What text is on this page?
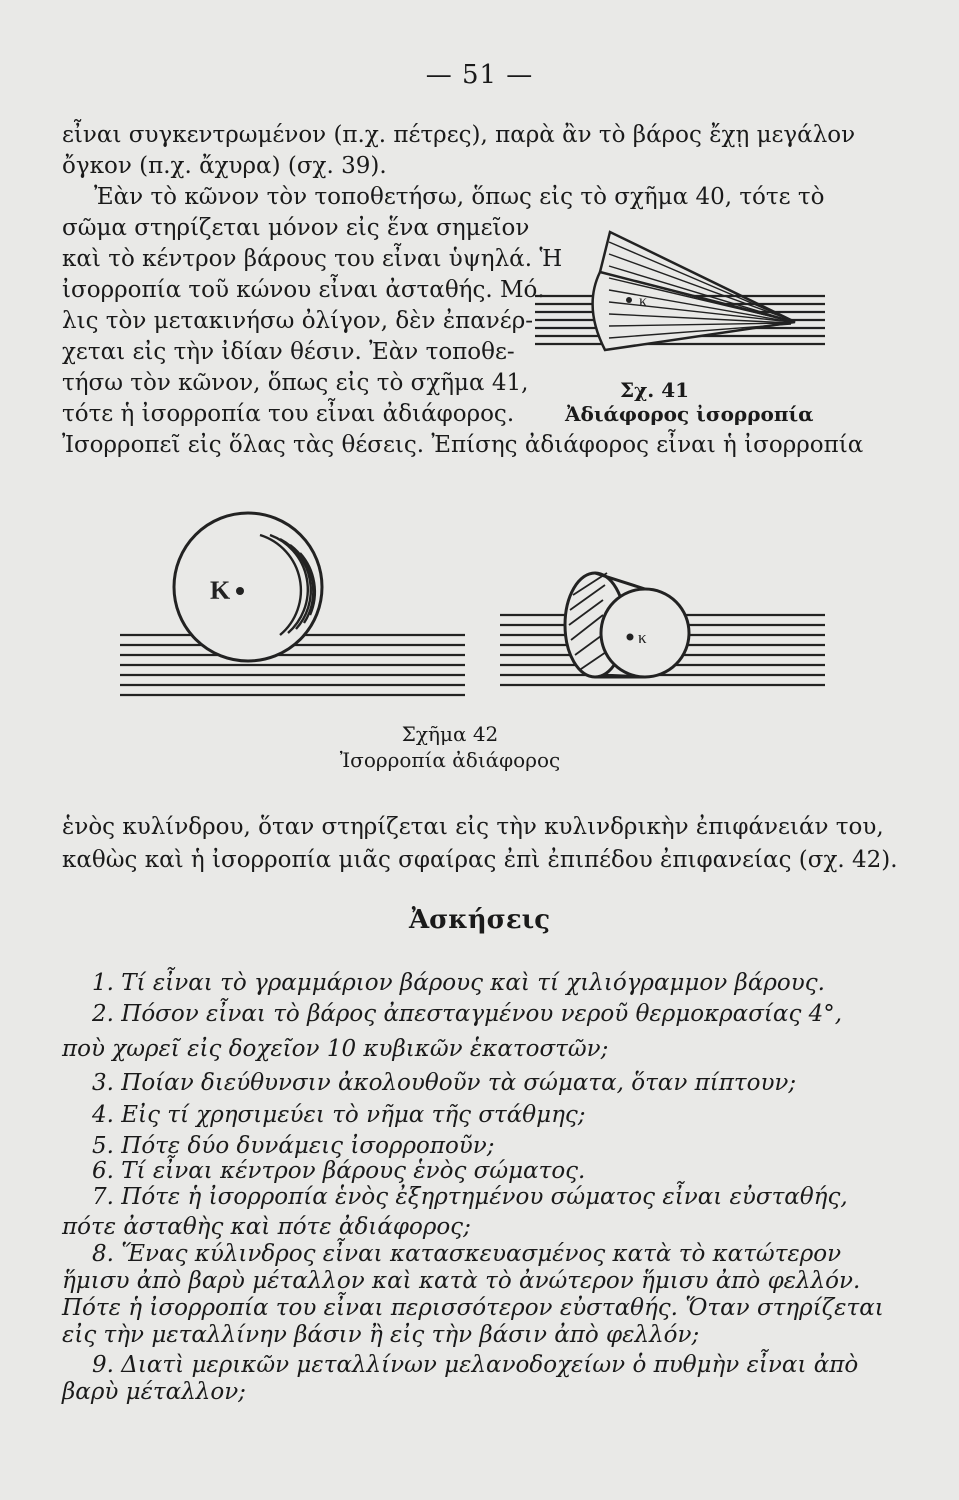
— 51 —
εἶναι συγκεντρωμένον (π.χ. πέτρες), παρὰ ἂν τὸ βάρος ἔχῃ μεγάλον
ὄγκον (π.χ. ἄχυρα) (σχ. 39).
Ἐὰν τὸ κῶνον τὸν τοποθετήσω, ὅπως εἰς τὸ σχῆμα 40, τότε τὸ
σῶμα στηρίζεται μόνον εἰς ἕνα σημεῖον
καὶ τὸ κέντρον βάρους του εἶναι ὑψηλά. Ἡ
ἰσορροπία τοῦ κώνου εἶναι ἀσταθής. Μό.
λις τὸν μετακινήσω ὀλίγον, δὲν ἐπανέρ-
χεται εἰς τὴν ἰδίαν θέσιν. Ἐὰν τοποθε-
τήσω τὸν κῶνον, ὅπως εἰς τὸ σχῆμα 41,
τότε ἡ ἰσορροπία του εἶναι ἀδιάφορος.
Ἰσορροπεῖ εἰς ὅλας τὰς θέσεις. Ἐπίσης ἀδιάφορος εἶναι ἡ ἰσορροπία
κ
Σχ. 41
Ἀδιάφορος ἰσορροπία
Κ
κ
Σχῆμα 42
Ἰσορροπία ἀδιάφορος
ἑνὸς κυλίνδρου, ὅταν στηρίζεται εἰς τὴν κυλινδρικὴν ἐπιφάνειάν του,
καθὼς καὶ ἡ ἰσορροπία μιᾶς σφαίρας ἐπὶ ἐπιπέδου ἐπιφανείας (σχ. 42).
Ἀσκήσεις
1. Τί εἶναι τὸ γραμμάριον βάρους καὶ τί χιλιόγραμμον βάρους.
2. Πόσον εἶναι τὸ βάρος ἀπεσταγμένου νεροῦ θερμοκρασίας 4°,
ποὺ χωρεῖ εἰς δοχεῖον 10 κυβικῶν ἑκατοστῶν;
3. Ποίαν διεύθυνσιν ἀκολουθοῦν τὰ σώματα, ὅταν πίπτουν;
4. Εἰς τί χρησιμεύει τὸ νῆμα τῆς στάθμης;
5. Πότε δύο δυνάμεις ἰσορροποῦν;
6. Τί εἶναι κέντρον βάρους ἑνὸς σώματος.
7. Πότε ἡ ἰσορροπία ἑνὸς ἐξηρτημένου σώματος εἶναι εὐσταθής,
πότε ἀσταθὴς καὶ πότε ἀδιάφορος;
8. Ἕνας κύλινδρος εἶναι κατασκευασμένος κατὰ τὸ κατώτερον
ἥμισυ ἀπὸ βαρὺ μέταλλον καὶ κατὰ τὸ ἀνώτερον ἥμισυ ἀπὸ φελλόν.
Πότε ἡ ἰσορροπία του εἶναι περισσότερον εὐσταθής. Ὅταν στηρίζεται
εἰς τὴν μεταλλίνην βάσιν ἢ εἰς τὴν βάσιν ἀπὸ φελλόν;
9. Διατὶ μερικῶν μεταλλίνων μελανοδοχείων ὁ πυθμὴν εἶναι ἀπὸ
βαρὺ μέταλλον;
